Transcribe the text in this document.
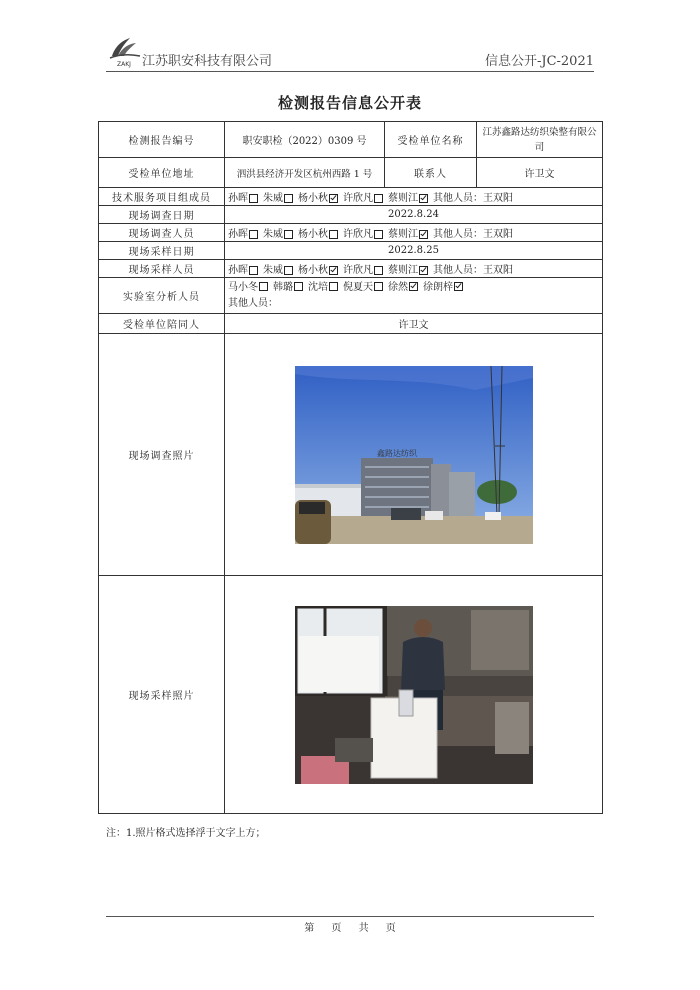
ZAKJ 江苏职安科技有限公司	信息公开-JC-2021
检测报告信息公开表
检测报告编号	职安职检（2022）0309 号	受检单位名称	江苏鑫路达纺织染整有限公司
受检单位地址	泗洪县经济开发区杭州西路 1 号	联系人	许卫文
技术服务项目组成员	孙晖 朱威 杨小秋 许欣凡 蔡则江 其他人员：王双阳		
现场调查日期	2022.8.24		
现场调查人员	孙晖 朱威 杨小秋 许欣凡 蔡则江 其他人员：王双阳		
现场采样日期	2022.8.25		
现场采样人员	孙晖 朱威 杨小秋 许欣凡 蔡则江 其他人员：王双阳		
实验室分析人员	马小冬 韩璐 沈培 倪夏天 徐然 徐朗梓
其他人员：		
受检单位陪同人	许卫文		
现场调查照片	鑫路达纺织		

现场采样照片	
注：1.照片格式选择浮于文字上方；
第 页 共 页
